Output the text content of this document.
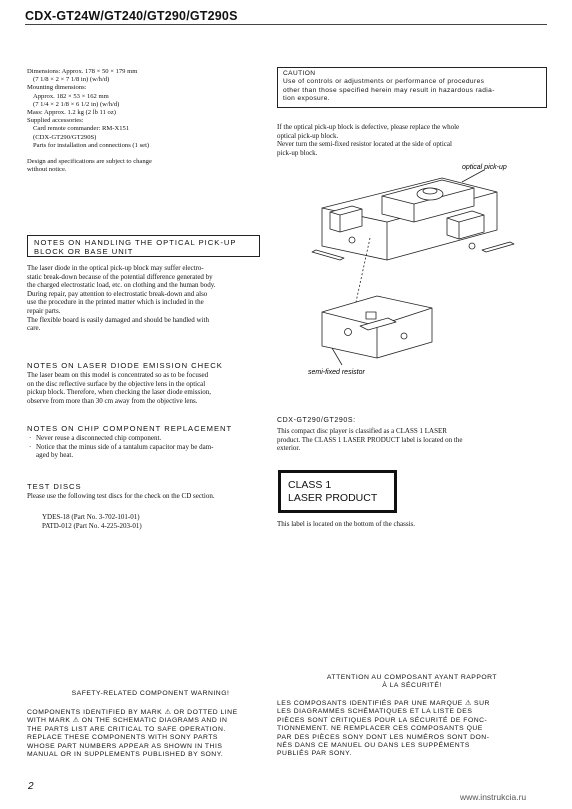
CDX-GT24W/GT240/GT290/GT290S
Dimensions: Approx. 178 × 50 × 179 mm
(7 1/8 × 2 × 7 1/8 in) (w/h/d)
Mounting dimensions:
Approx. 182 × 53 × 162 mm
(7 1/4 × 2 1/8 × 6 1/2 in) (w/h/d)
Mass: Approx. 1.2 kg (2 lb 11 oz)
Supplied accessories:
Card remote commander: RM-X151
(CDX-GT290/GT290S)
Parts for installation and connections (1 set)
Design and specifications are subject to change
without notice.
NOTES ON HANDLING THE OPTICAL PICK-UP
BLOCK OR BASE UNIT
The laser diode in the optical pick-up block may suffer electro-
static break-down because of the potential difference generated by
the charged electrostatic load, etc. on clothing and the human body.
During repair, pay attention to electrostatic break-down and also
use the procedure in the printed matter which is included in the
repair parts.
The flexible board is easily damaged and should be handled with
care.
NOTES ON LASER DIODE EMISSION CHECK
The laser beam on this model is concentrated so as to be focused
on the disc reflective surface by the objective lens in the optical
pickup block. Therefore, when checking the laser diode emission,
observe from more than 30 cm away from the objective lens.
NOTES ON CHIP COMPONENT REPLACEMENT
· Never reuse a disconnected chip component.
· Notice that the minus side of a tantalum capacitor may be dam-
aged by heat.
TEST DISCS
Please use the following test discs for the check on the CD section.
YDES-18 (Part No. 3-702-101-01)
PATD-012 (Part No. 4-225-203-01)
CAUTION
Use of controls or adjustments or performance of procedures
other than those specified herein may result in hazardous radia-
tion exposure.
If the optical pick-up block is defective, please replace the whole
optical pick-up block.
Never turn the semi-fixed resistor located at the side of optical
pick-up block.
optical pick-up
semi-fixed resistor
CDX-GT290/GT290S:
This compact disc player is classified as a CLASS 1 LASER
product. The CLASS 1 LASER PRODUCT label is located on the
exterior.
CLASS 1
LASER PRODUCT
This label is located on the bottom of the chassis.
SAFETY-RELATED COMPONENT WARNING!
COMPONENTS IDENTIFIED BY MARK ⚠ OR DOTTED LINE
WITH MARK ⚠ ON THE SCHEMATIC DIAGRAMS AND IN
THE PARTS LIST ARE CRITICAL TO SAFE OPERATION.
REPLACE THESE COMPONENTS WITH SONY PARTS
WHOSE PART NUMBERS APPEAR AS SHOWN IN THIS
MANUAL OR IN SUPPLEMENTS PUBLISHED BY SONY.
ATTENTION AU COMPOSANT AYANT RAPPORT
À LA SÉCURITÉ!
LES COMPOSANTS IDENTIFIÉS PAR UNE MARQUE ⚠ SUR
LES DIAGRAMMES SCHÉMATIQUES ET LA LISTE DES
PIÈCES SONT CRITIQUES POUR LA SÉCURITÉ DE FONC-
TIONNEMENT. NE REMPLACER CES COMPOSANTS QUE
PAR DES PIÈCES SONY DONT LES NUMÉROS SONT DON-
NÉS DANS CE MANUEL OU DANS LES SUPPÉMENTS
PUBLIÉS PAR SONY.
2
www.instrukcia.ru
